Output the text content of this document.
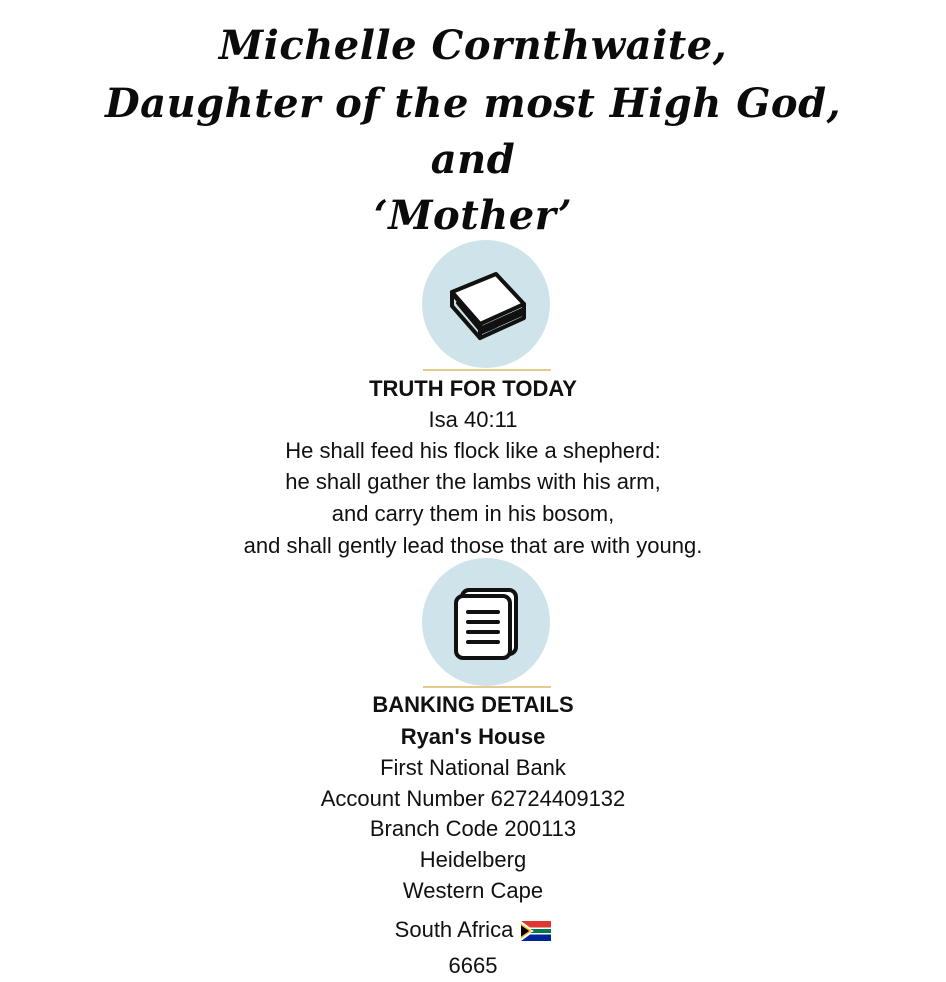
Michelle Cornthwaite,
Daughter of the most High God,
and
‘Mother’
TRUTH FOR TODAY
Isa 40:11
He shall feed his flock like a shepherd:
he shall gather the lambs with his arm,
and carry them in his bosom,
and shall gently lead those that are with young.
BANKING DETAILS
Ryan's House
First National Bank
Account Number 62724409132
Branch Code 200113
Heidelberg
Western Cape
South Africa
6665
